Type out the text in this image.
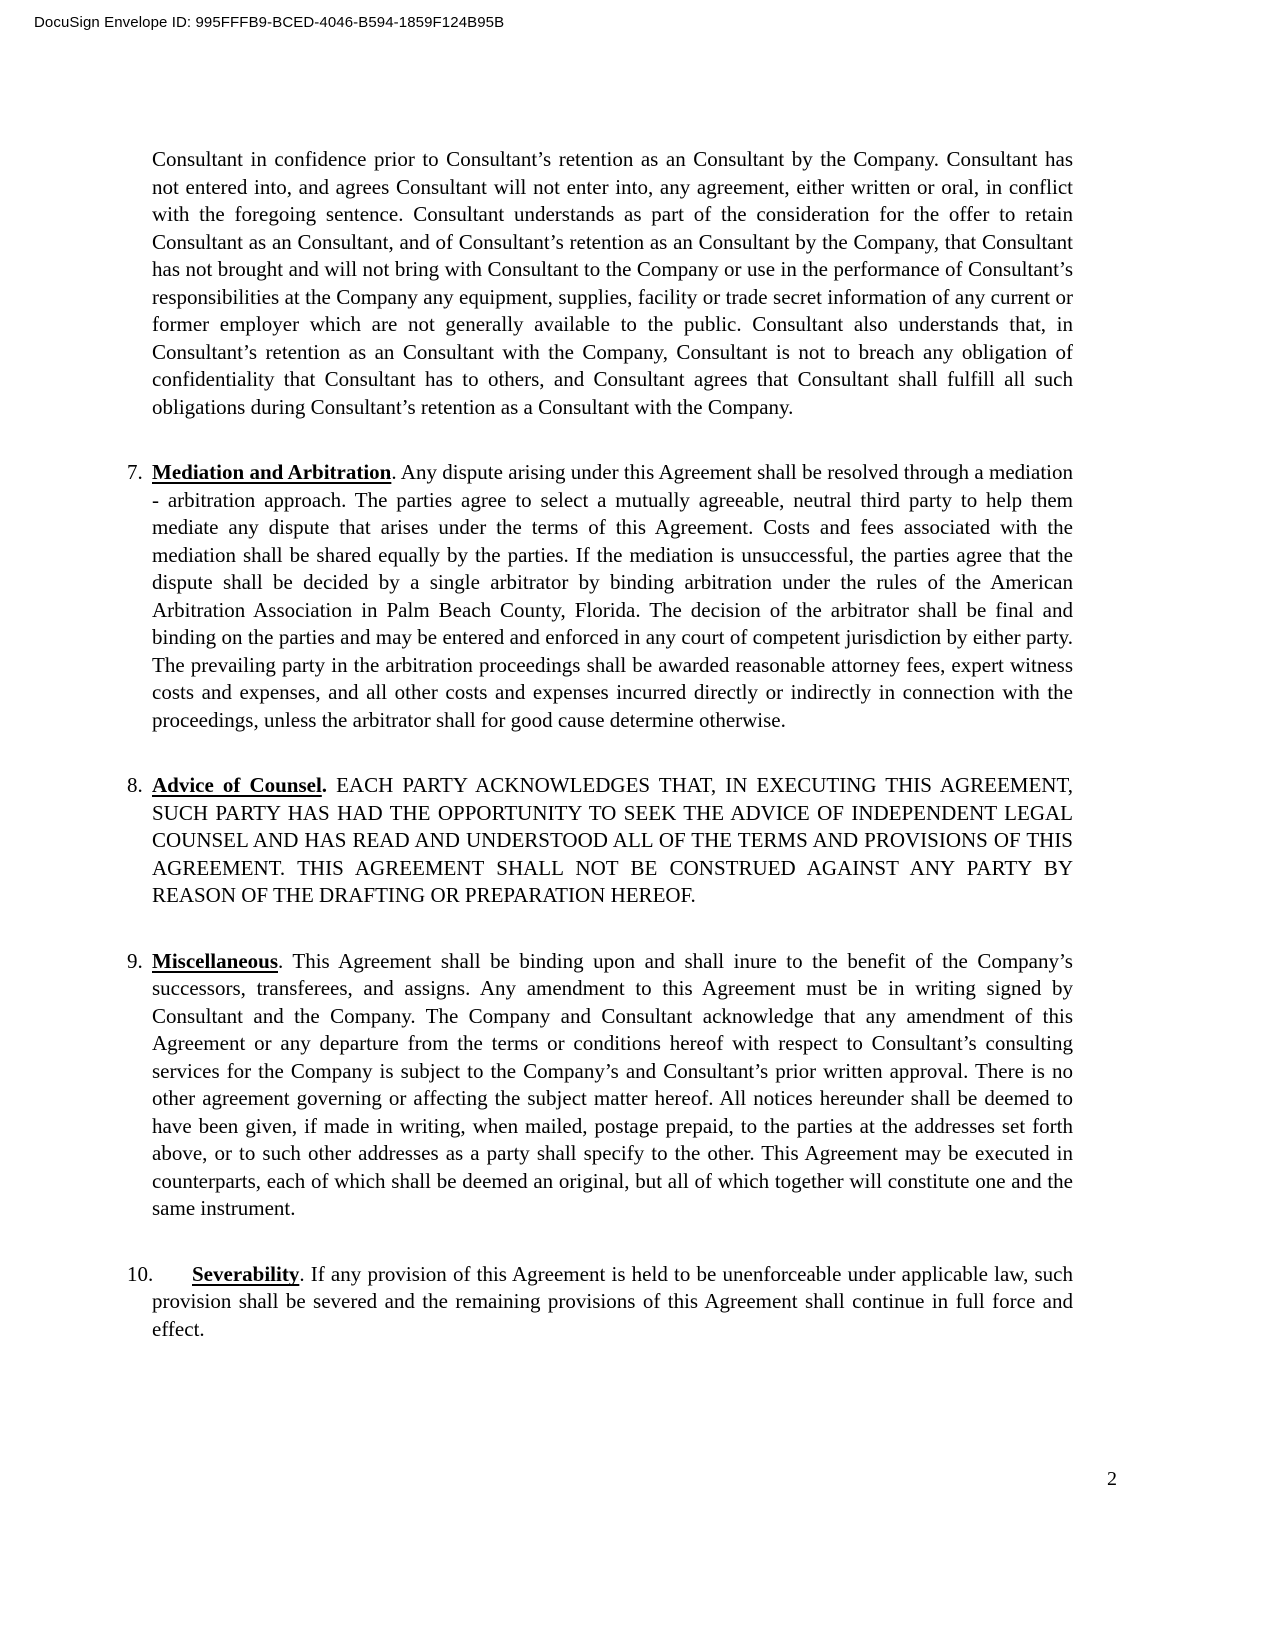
DocuSign Envelope ID: 995FFFB9-BCED-4046-B594-1859F124B95B

Consultant in confidence prior to Consultant’s retention as an Consultant by the Company. Consultant has not entered into, and agrees Consultant will not enter into, any agreement, either written or oral, in conflict with the foregoing sentence. Consultant understands as part of the consideration for the offer to retain Consultant as an Consultant, and of Consultant’s retention as an Consultant by the Company, that Consultant has not brought and will not bring with Consultant to the Company or use in the performance of Consultant’s responsibilities at the Company any equipment, supplies, facility or trade secret information of any current or former employer which are not generally available to the public. Consultant also understands that, in Consultant’s retention as an Consultant with the Company, Consultant is not to breach any obligation of confidentiality that Consultant has to others, and Consultant agrees that Consultant shall fulfill all such obligations during Consultant’s retention as a Consultant with the Company.

7. Mediation and Arbitration. Any dispute arising under this Agreement shall be resolved through a mediation - arbitration approach. The parties agree to select a mutually agreeable, neutral third party to help them mediate any dispute that arises under the terms of this Agreement. Costs and fees associated with the mediation shall be shared equally by the parties. If the mediation is unsuccessful, the parties agree that the dispute shall be decided by a single arbitrator by binding arbitration under the rules of the American Arbitration Association in Palm Beach County, Florida. The decision of the arbitrator shall be final and binding on the parties and may be entered and enforced in any court of competent jurisdiction by either party. The prevailing party in the arbitration proceedings shall be awarded reasonable attorney fees, expert witness costs and expenses, and all other costs and expenses incurred directly or indirectly in connection with the proceedings, unless the arbitrator shall for good cause determine otherwise.

8. Advice of Counsel. EACH PARTY ACKNOWLEDGES THAT, IN EXECUTING THIS AGREEMENT, SUCH PARTY HAS HAD THE OPPORTUNITY TO SEEK THE ADVICE OF INDEPENDENT LEGAL COUNSEL AND HAS READ AND UNDERSTOOD ALL OF THE TERMS AND PROVISIONS OF THIS AGREEMENT. THIS AGREEMENT SHALL NOT BE CONSTRUED AGAINST ANY PARTY BY REASON OF THE DRAFTING OR PREPARATION HEREOF.

9. Miscellaneous. This Agreement shall be binding upon and shall inure to the benefit of the Company’s successors, transferees, and assigns. Any amendment to this Agreement must be in writing signed by Consultant and the Company. The Company and Consultant acknowledge that any amendment of this Agreement or any departure from the terms or conditions hereof with respect to Consultant’s consulting services for the Company is subject to the Company’s and Consultant’s prior written approval. There is no other agreement governing or affecting the subject matter hereof. All notices hereunder shall be deemed to have been given, if made in writing, when mailed, postage prepaid, to the parties at the addresses set forth above, or to such other addresses as a party shall specify to the other. This Agreement may be executed in counterparts, each of which shall be deemed an original, but all of which together will constitute one and the same instrument.

10. Severability. If any provision of this Agreement is held to be unenforceable under applicable law, such provision shall be severed and the remaining provisions of this Agreement shall continue in full force and effect.

2
